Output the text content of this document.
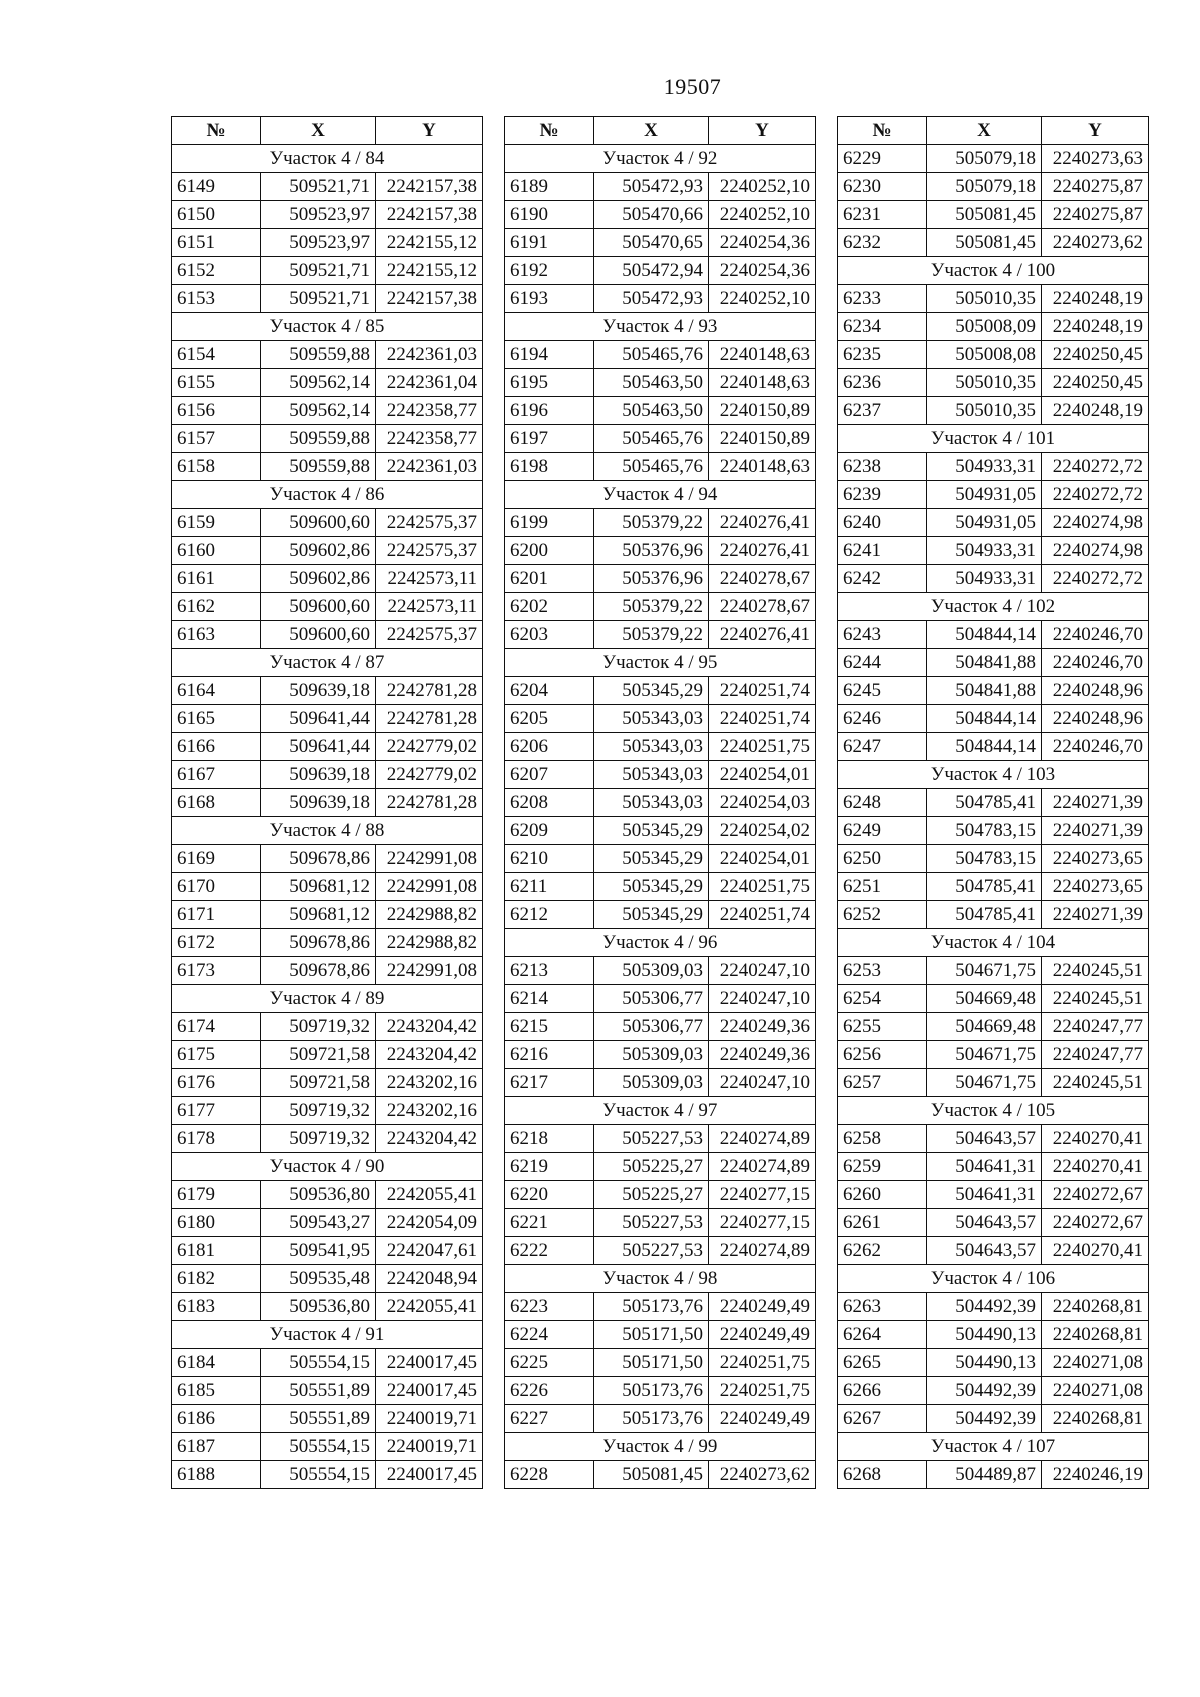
19507
№	X	Y
Участок 4 / 84		
6149	509521,71	2242157,38
6150	509523,97	2242157,38
6151	509523,97	2242155,12
6152	509521,71	2242155,12
6153	509521,71	2242157,38
Участок 4 / 85		
6154	509559,88	2242361,03
6155	509562,14	2242361,04
6156	509562,14	2242358,77
6157	509559,88	2242358,77
6158	509559,88	2242361,03
Участок 4 / 86		
6159	509600,60	2242575,37
6160	509602,86	2242575,37
6161	509602,86	2242573,11
6162	509600,60	2242573,11
6163	509600,60	2242575,37
Участок 4 / 87		
6164	509639,18	2242781,28
6165	509641,44	2242781,28
6166	509641,44	2242779,02
6167	509639,18	2242779,02
6168	509639,18	2242781,28
Участок 4 / 88		
6169	509678,86	2242991,08
6170	509681,12	2242991,08
6171	509681,12	2242988,82
6172	509678,86	2242988,82
6173	509678,86	2242991,08
Участок 4 / 89		
6174	509719,32	2243204,42
6175	509721,58	2243204,42
6176	509721,58	2243202,16
6177	509719,32	2243202,16
6178	509719,32	2243204,42
Участок 4 / 90		
6179	509536,80	2242055,41
6180	509543,27	2242054,09
6181	509541,95	2242047,61
6182	509535,48	2242048,94
6183	509536,80	2242055,41
Участок 4 / 91		
6184	505554,15	2240017,45
6185	505551,89	2240017,45
6186	505551,89	2240019,71
6187	505554,15	2240019,71
6188	505554,15	2240017,45
№	X	Y
Участок 4 / 92		
6189	505472,93	2240252,10
6190	505470,66	2240252,10
6191	505470,65	2240254,36
6192	505472,94	2240254,36
6193	505472,93	2240252,10
Участок 4 / 93		
6194	505465,76	2240148,63
6195	505463,50	2240148,63
6196	505463,50	2240150,89
6197	505465,76	2240150,89
6198	505465,76	2240148,63
Участок 4 / 94		
6199	505379,22	2240276,41
6200	505376,96	2240276,41
6201	505376,96	2240278,67
6202	505379,22	2240278,67
6203	505379,22	2240276,41
Участок 4 / 95		
6204	505345,29	2240251,74
6205	505343,03	2240251,74
6206	505343,03	2240251,75
6207	505343,03	2240254,01
6208	505343,03	2240254,03
6209	505345,29	2240254,02
6210	505345,29	2240254,01
6211	505345,29	2240251,75
6212	505345,29	2240251,74
Участок 4 / 96		
6213	505309,03	2240247,10
6214	505306,77	2240247,10
6215	505306,77	2240249,36
6216	505309,03	2240249,36
6217	505309,03	2240247,10
Участок 4 / 97		
6218	505227,53	2240274,89
6219	505225,27	2240274,89
6220	505225,27	2240277,15
6221	505227,53	2240277,15
6222	505227,53	2240274,89
Участок 4 / 98		
6223	505173,76	2240249,49
6224	505171,50	2240249,49
6225	505171,50	2240251,75
6226	505173,76	2240251,75
6227	505173,76	2240249,49
Участок 4 / 99		
6228	505081,45	2240273,62
№	X	Y
6229	505079,18	2240273,63
6230	505079,18	2240275,87
6231	505081,45	2240275,87
6232	505081,45	2240273,62
Участок 4 / 100		
6233	505010,35	2240248,19
6234	505008,09	2240248,19
6235	505008,08	2240250,45
6236	505010,35	2240250,45
6237	505010,35	2240248,19
Участок 4 / 101		
6238	504933,31	2240272,72
6239	504931,05	2240272,72
6240	504931,05	2240274,98
6241	504933,31	2240274,98
6242	504933,31	2240272,72
Участок 4 / 102		
6243	504844,14	2240246,70
6244	504841,88	2240246,70
6245	504841,88	2240248,96
6246	504844,14	2240248,96
6247	504844,14	2240246,70
Участок 4 / 103		
6248	504785,41	2240271,39
6249	504783,15	2240271,39
6250	504783,15	2240273,65
6251	504785,41	2240273,65
6252	504785,41	2240271,39
Участок 4 / 104		
6253	504671,75	2240245,51
6254	504669,48	2240245,51
6255	504669,48	2240247,77
6256	504671,75	2240247,77
6257	504671,75	2240245,51
Участок 4 / 105		
6258	504643,57	2240270,41
6259	504641,31	2240270,41
6260	504641,31	2240272,67
6261	504643,57	2240272,67
6262	504643,57	2240270,41
Участок 4 / 106		
6263	504492,39	2240268,81
6264	504490,13	2240268,81
6265	504490,13	2240271,08
6266	504492,39	2240271,08
6267	504492,39	2240268,81
Участок 4 / 107		
6268	504489,87	2240246,19
